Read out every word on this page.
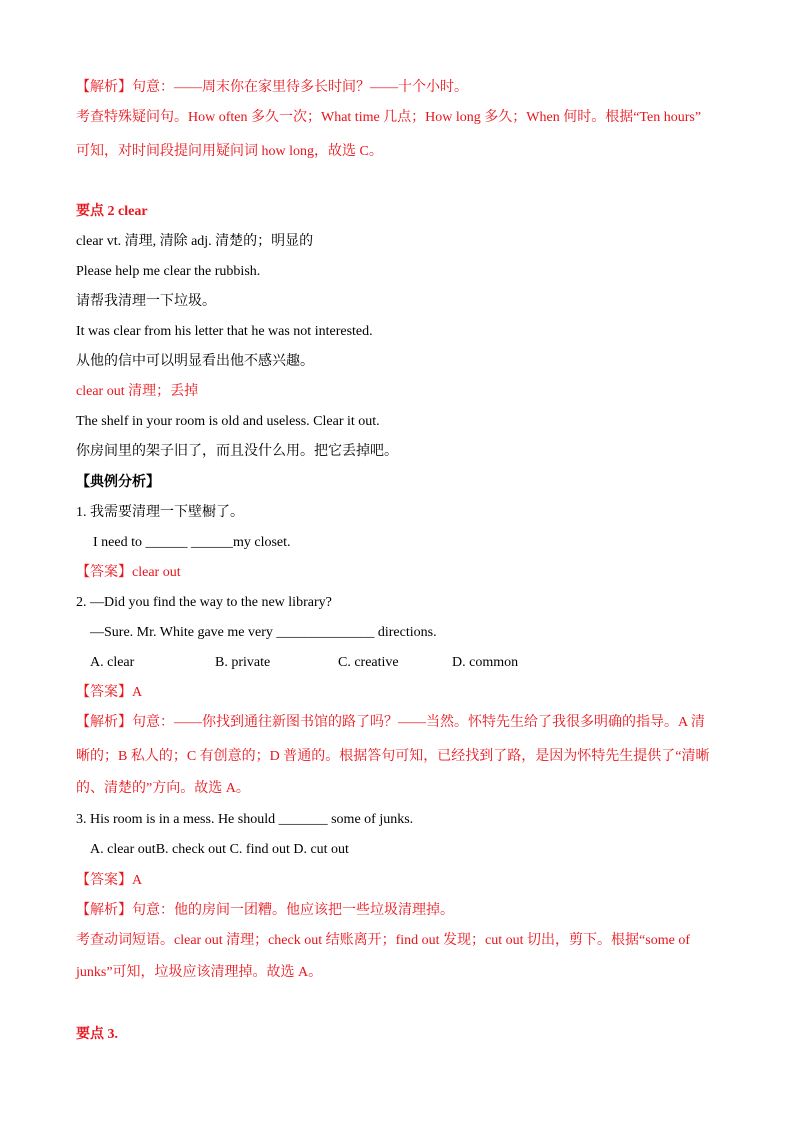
【解析】句意：——周末你在家里待多长时间？——十个小时。
考查特殊疑问句。How often 多久一次；What time 几点；How long 多久；When 何时。根据“Ten hours”
可知，对时间段提问用疑问词 how long，故选 C。
要点 2 clear
clear vt. 清理, 清除 adj. 清楚的；明显的
Please help me clear the rubbish.
请帮我清理一下垃圾。
It was clear from his letter that he was not interested.
从他的信中可以明显看出他不感兴趣。
clear out 清理；丢掉
The shelf in your room is old and useless. Clear it out.
你房间里的架子旧了，而且没什么用。把它丢掉吧。
【典例分析】
1. 我需要清理一下壁橱了。
I need to ______ ______my closet.
【答案】clear out
2. —Did you find the way to the new library?
—Sure. Mr. White gave me very ______________ directions.
A. clear	B. private	C. creative	D. common
【答案】A
【解析】句意：——你找到通往新图书馆的路了吗？——当然。怀特先生给了我很多明确的指导。A 清
晰的；B 私人的；C 有创意的；D 普通的。根据答句可知，已经找到了路，是因为怀特先生提供了“清晰
的、清楚的”方向。故选 A。
3. His room is in a mess. He should _______ some of junks.
A. clear outB. check out C. find out D. cut out
【答案】A
【解析】句意：他的房间一团糟。他应该把一些垃圾清理掉。
考查动词短语。clear out 清理；check out 结账离开；find out 发现；cut out 切出，剪下。根据“some of
junks”可知，垃圾应该清理掉。故选 A。
要点 3.
